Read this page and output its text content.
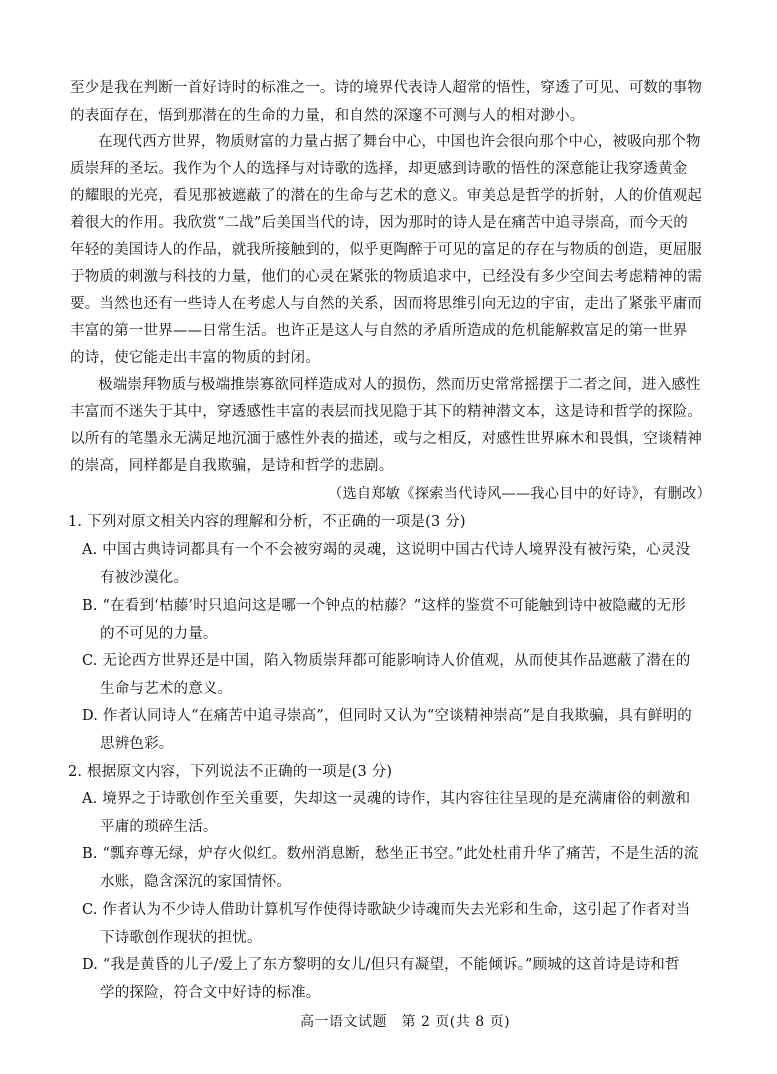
至少是我在判断一首好诗时的标准之一。诗的境界代表诗人超常的悟性，穿透了可见、可数的事物

的表面存在，悟到那潜在的生命的力量，和自然的深邃不可测与人的相对渺小。

在现代西方世界，物质财富的力量占据了舞台中心，中国也许会很向那个中心，被吸向那个物

质崇拜的圣坛。我作为个人的选择与对诗歌的选择，却更感到诗歌的悟性的深意能让我穿透黄金

的耀眼的光亮，看见那被遮蔽了的潜在的生命与艺术的意义。审美总是哲学的折射，人的价值观起

着很大的作用。我欣赏“二战”后美国当代的诗，因为那时的诗人是在痛苦中追寻崇高，而今天的

年轻的美国诗人的作品，就我所接触到的，似乎更陶醉于可见的富足的存在与物质的创造，更屈服

于物质的刺激与科技的力量，他们的心灵在紧张的物质追求中，已经没有多少空间去考虑精神的需

要。当然也还有一些诗人在考虑人与自然的关系，因而将思维引向无边的宇宙，走出了紧张平庸而

丰富的第一世界——日常生活。也许正是这人与自然的矛盾所造成的危机能解救富足的第一世界

的诗，使它能走出丰富的物质的封闭。

极端崇拜物质与极端推崇寡欲同样造成对人的损伤，然而历史常常摇摆于二者之间，进入感性

丰富而不迷失于其中，穿透感性丰富的表层而找见隐于其下的精神潜文本，这是诗和哲学的探险。

以所有的笔墨永无满足地沉湎于感性外表的描述，或与之相反，对感性世界麻木和畏惧，空谈精神

的崇高，同样都是自我欺骗，是诗和哲学的悲剧。

（选自郑敏《探索当代诗风——我心目中的好诗》，有删改）

1. 下列对原文相关内容的理解和分析，不正确的一项是(3 分)

A. 中国古典诗词都具有一个不会被穷竭的灵魂，这说明中国古代诗人境界没有被污染，心灵没

有被沙漠化。

B. “在看到‘枯藤’时只追问这是哪一个钟点的枯藤？”这样的鉴赏不可能触到诗中被隐藏的无形

的不可见的力量。

C. 无论西方世界还是中国，陷入物质崇拜都可能影响诗人价值观，从而使其作品遮蔽了潜在的

生命与艺术的意义。

D. 作者认同诗人“在痛苦中追寻崇高”，但同时又认为“空谈精神崇高”是自我欺骗，具有鲜明的

思辨色彩。

2. 根据原文内容，下列说法不正确的一项是(3 分)

A. 境界之于诗歌创作至关重要，失却这一灵魂的诗作，其内容往往呈现的是充满庸俗的刺激和

平庸的琐碎生活。

B. “瓢弃尊无绿，炉存火似红。数州消息断，愁坐正书空。”此处杜甫升华了痛苦，不是生活的流

水账，隐含深沉的家国情怀。

C. 作者认为不少诗人借助计算机写作使得诗歌缺少诗魂而失去光彩和生命，这引起了作者对当

下诗歌创作现状的担忧。

D. “我是黄昏的儿子/爱上了东方黎明的女儿/但只有凝望，不能倾诉。”顾城的这首诗是诗和哲

学的探险，符合文中好诗的标准。

高一语文试题　第 2 页(共 8 页)
